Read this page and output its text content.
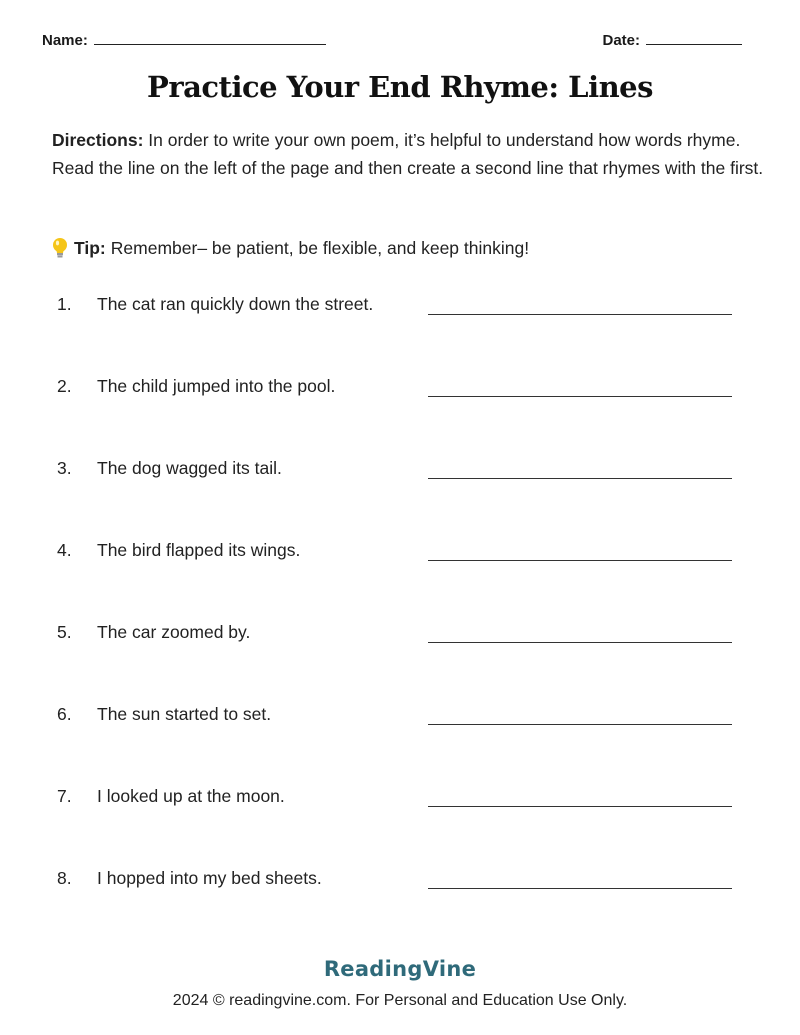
Name:	Date:
Practice Your End Rhyme: Lines
Directions: In order to write your own poem, it’s helpful to understand how words rhyme. Read the line on the left of the page and then create a second line that rhymes with the first.
Tip: Remember– be patient, be flexible, and keep thinking!
1. The cat ran quickly down the street.
2. The child jumped into the pool.
3. The dog wagged its tail.
4. The bird flapped its wings.
5. The car zoomed by.
6. The sun started to set.
7. I looked up at the moon.
8. I hopped into my bed sheets.
ReadingVine
2024 © readingvine.com. For Personal and Education Use Only.
